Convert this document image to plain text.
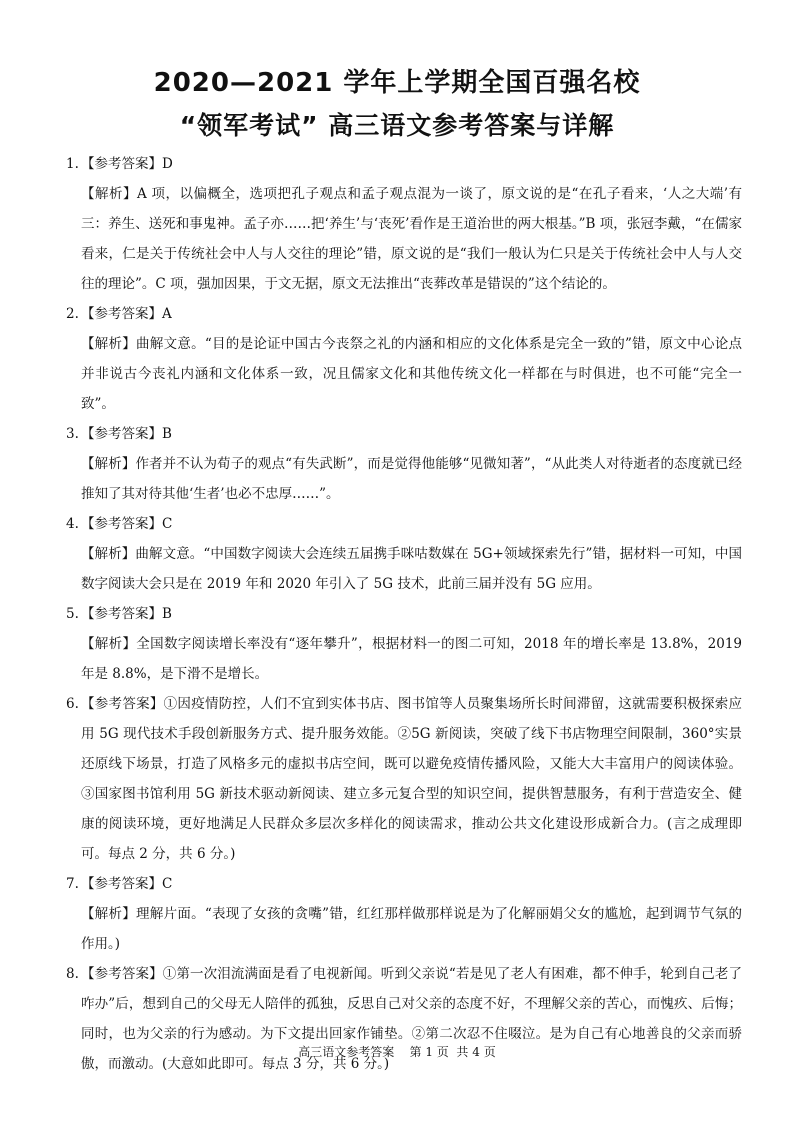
2020—2021 学年上学期全国百强名校
“领军考试” 高三语文参考答案与详解
1. 【参考答案】D
【解析】A 项，以偏概全，选项把孔子观点和孟子观点混为一谈了，原文说的是“在孔子看来，‘人之大端’有三：养生、送死和事鬼神。孟子亦……把‘养生’与‘丧死’看作是王道治世的两大根基。”B 项，张冠李戴，“在儒家看来，仁是关于传统社会中人与人交往的理论”错，原文说的是“我们一般认为仁只是关于传统社会中人与人交往的理论”。C 项，强加因果，于文无据，原文无法推出“丧葬改革是错误的”这个结论的。
2. 【参考答案】A
【解析】曲解文意。“目的是论证中国古今丧祭之礼的内涵和相应的文化体系是完全一致的”错，原文中心论点并非说古今丧礼内涵和文化体系一致，况且儒家文化和其他传统文化一样都在与时俱进，也不可能“完全一致”。
3. 【参考答案】B
【解析】作者并不认为荀子的观点“有失武断”，而是觉得他能够“见微知著”，“从此类人对待逝者的态度就已经推知了其对待其他‘生者’也必不忠厚……”。
4. 【参考答案】C
【解析】曲解文意。“中国数字阅读大会连续五届携手咪咕数媒在 5G+领域探索先行”错，据材料一可知，中国数字阅读大会只是在 2019 年和 2020 年引入了 5G 技术，此前三届并没有 5G 应用。
5. 【参考答案】B
【解析】全国数字阅读增长率没有“逐年攀升”，根据材料一的图二可知，2018 年的增长率是 13.8%，2019 年是 8.8%，是下滑不是增长。
6. 【参考答案】①因疫情防控，人们不宜到实体书店、图书馆等人员聚集场所长时间滞留，这就需要积极探索应用 5G 现代技术手段创新服务方式、提升服务效能。②5G 新阅读，突破了线下书店物理空间限制，360°实景还原线下场景，打造了风格多元的虚拟书店空间，既可以避免疫情传播风险，又能大大丰富用户的阅读体验。③国家图书馆利用 5G 新技术驱动新阅读、建立多元复合型的知识空间，提供智慧服务，有利于营造安全、健康的阅读环境，更好地满足人民群众多层次多样化的阅读需求，推动公共文化建设形成新合力。(言之成理即可。每点 2 分，共 6 分。)
7. 【参考答案】C
【解析】理解片面。“表现了女孩的贪嘴”错，红红那样做那样说是为了化解丽娟父女的尴尬，起到调节气氛的作用。)
8. 【参考答案】①第一次泪流满面是看了电视新闻。听到父亲说“若是见了老人有困难，都不伸手，轮到自己老了咋办”后，想到自己的父母无人陪伴的孤独，反思自己对父亲的态度不好，不理解父亲的苦心，而愧疚、后悔；同时，也为父亲的行为感动。为下文提出回家作铺垫。②第二次忍不住啜泣。是为自己有心地善良的父亲而骄傲，而激动。(大意如此即可。每点 3 分，共 6 分。)
高三语文参考答案    第 1 页  共 4 页
